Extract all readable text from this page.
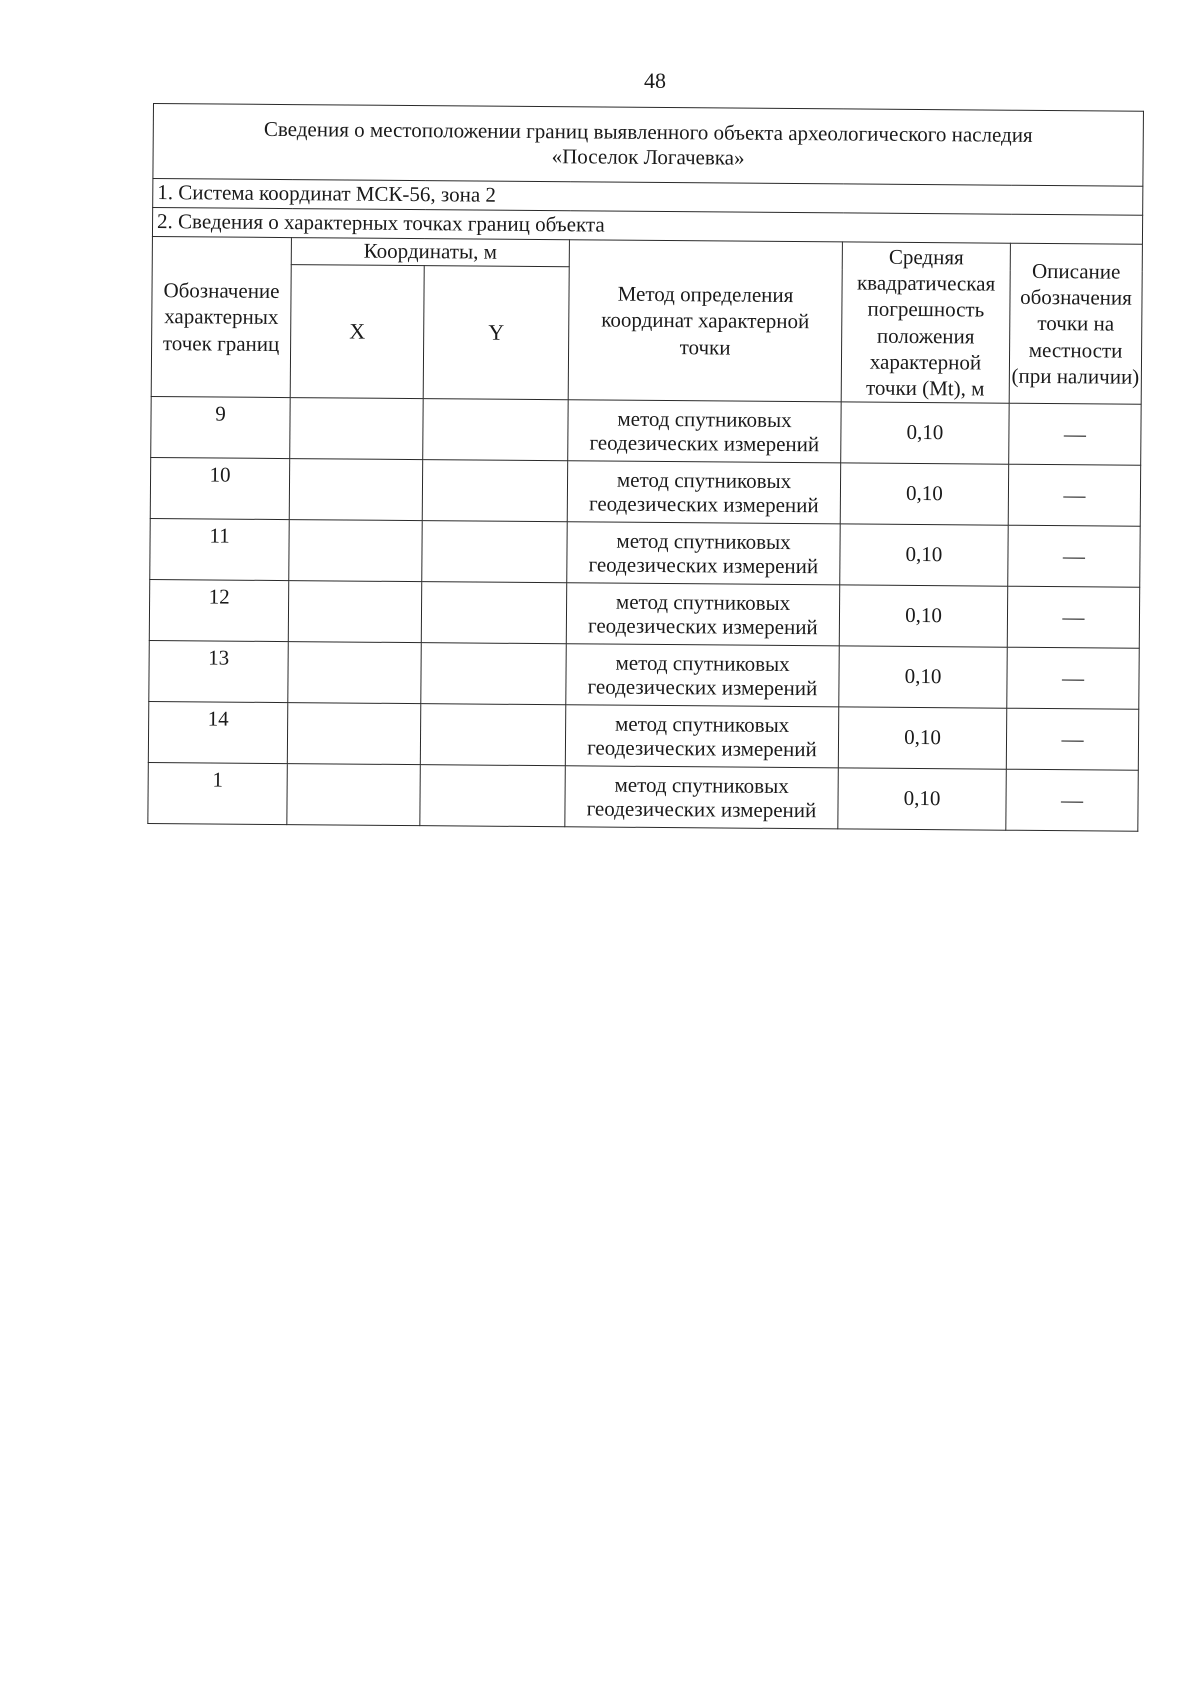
48
Сведения о местоположении границ выявленного объекта археологического наследия
«Поселок Логачевка»					

1. Система координат МСК-56, зона 2					
2. Сведения о характерных точках границ объекта					
Обозначение характерных точек границ	Координаты, м		Метод определения координат характерной точки	Средняя квадратическая погрешность положения характерной точки (Mt), м	Описание обозначения точки на местности (при наличии)
	X	Y			
9			метод спутниковых геодезических измерений	0,10	—
10			метод спутниковых геодезических измерений	0,10	—
11			метод спутниковых геодезических измерений	0,10	—
12			метод спутниковых геодезических измерений	0,10	—
13			метод спутниковых геодезических измерений	0,10	—
14			метод спутниковых геодезических измерений	0,10	—
1			метод спутниковых геодезических измерений	0,10	—
